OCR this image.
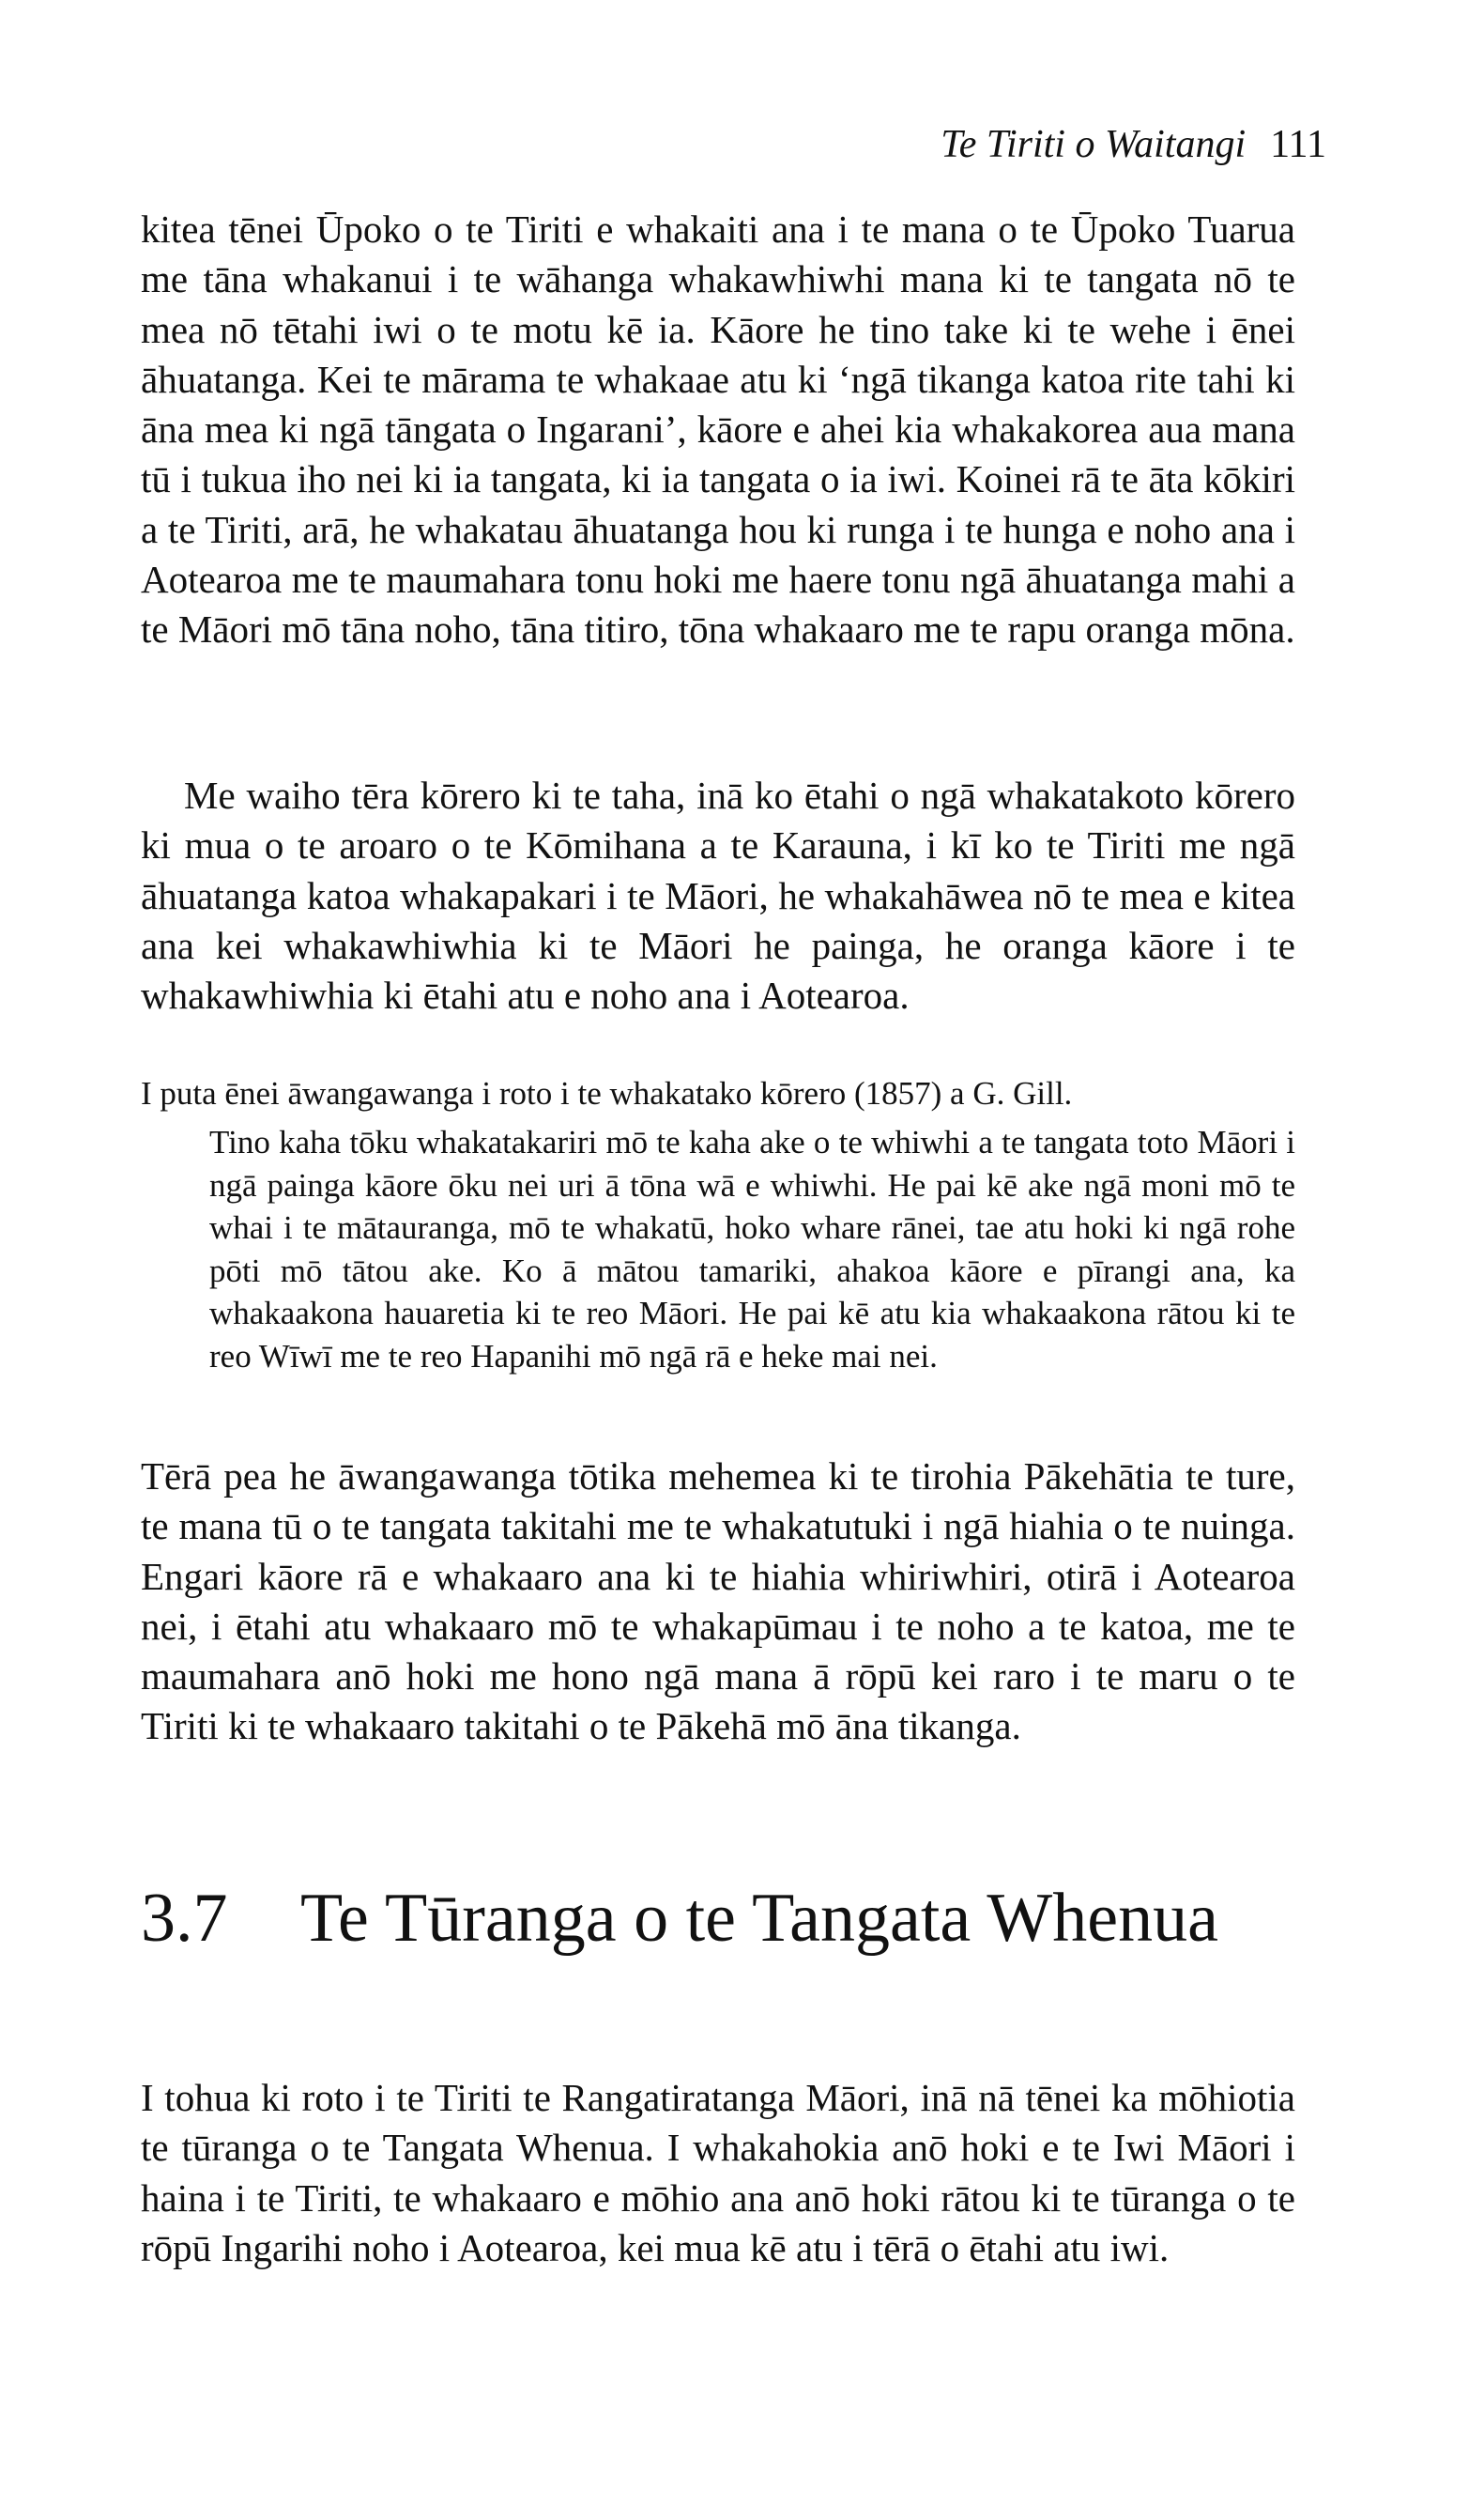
Te Tiriti o Waitangi 111

kitea tēnei Ūpoko o te Tiriti e whakaiti ana i te mana o te Ūpoko Tuarua me tāna whakanui i te wāhanga whakawhiwhi mana ki te tangata nō te mea nō tētahi iwi o te motu kē ia. Kāore he tino take ki te wehe i ēnei āhuatanga. Kei te mārama te whakaae atu ki ‘ngā tikanga katoa rite tahi ki āna mea ki ngā tāngata o Ingarani’, kāore e ahei kia whakakorea aua mana tū i tukua iho nei ki ia tangata, ki ia tangata o ia iwi. Koinei rā te āta kōkiri a te Tiriti, arā, he whakatau āhuatanga hou ki runga i te hunga e noho ana i Aotearoa me te maumahara tonu hoki me haere tonu ngā āhuatanga mahi a te Māori mō tāna noho, tāna titiro, tōna whakaaro me te rapu oranga mōna.

Me waiho tēra kōrero ki te taha, inā ko ētahi o ngā whakatakoto kōrero ki mua o te aroaro o te Kōmihana a te Karauna, i kī ko te Tiriti me ngā āhuatanga katoa whakapakari i te Māori, he whakahāwea nō te mea e kitea ana kei whakawhiwhia ki te Māori he painga, he oranga kāore i te whakawhiwhia ki ētahi atu e noho ana i Aotearoa.

I puta ēnei āwangawanga i roto i te whakatako kōrero (1857) a G. Gill.
Tino kaha tōku whakatakariri mō te kaha ake o te whiwhi a te tangata toto Māori i ngā painga kāore ōku nei uri ā tōna wā e whiwhi. He pai kē ake ngā moni mō te whai i te mātauranga, mō te whakatū, hoko whare rānei, tae atu hoki ki ngā rohe pōti mō tātou ake. Ko ā mātou tamariki, ahakoa kāore e pīrangi ana, ka whakaakona hauaretia ki te reo Māori. He pai kē atu kia whakaakona rātou ki te reo Wīwī me te reo Hapanihi mō ngā rā e heke mai nei.

Tērā pea he āwangawanga tōtika mehemea ki te tirohia Pākehātia te ture, te mana tū o te tangata takitahi me te whakatutuki i ngā hiahia o te nuinga. Engari kāore rā e whakaaro ana ki te hiahia whiriwhiri, otirā i Aotearoa nei, i ētahi atu whakaaro mō te whakapūmau i te noho a te katoa, me te maumahara anō hoki me hono ngā mana ā rōpū kei raro i te maru o te Tiriti ki te whakaaro takitahi o te Pākehā mō āna tikanga.

3.7 Te Tūranga o te Tangata Whenua

I tohua ki roto i te Tiriti te Rangatiratanga Māori, inā nā tēnei ka mōhiotia te tūranga o te Tangata Whenua. I whakahokia anō hoki e te Iwi Māori i haina i te Tiriti, te whakaaro e mōhio ana anō hoki rātou ki te tūranga o te rōpū Ingarihi noho i Aotearoa, kei mua kē atu i tērā o ētahi atu iwi.
